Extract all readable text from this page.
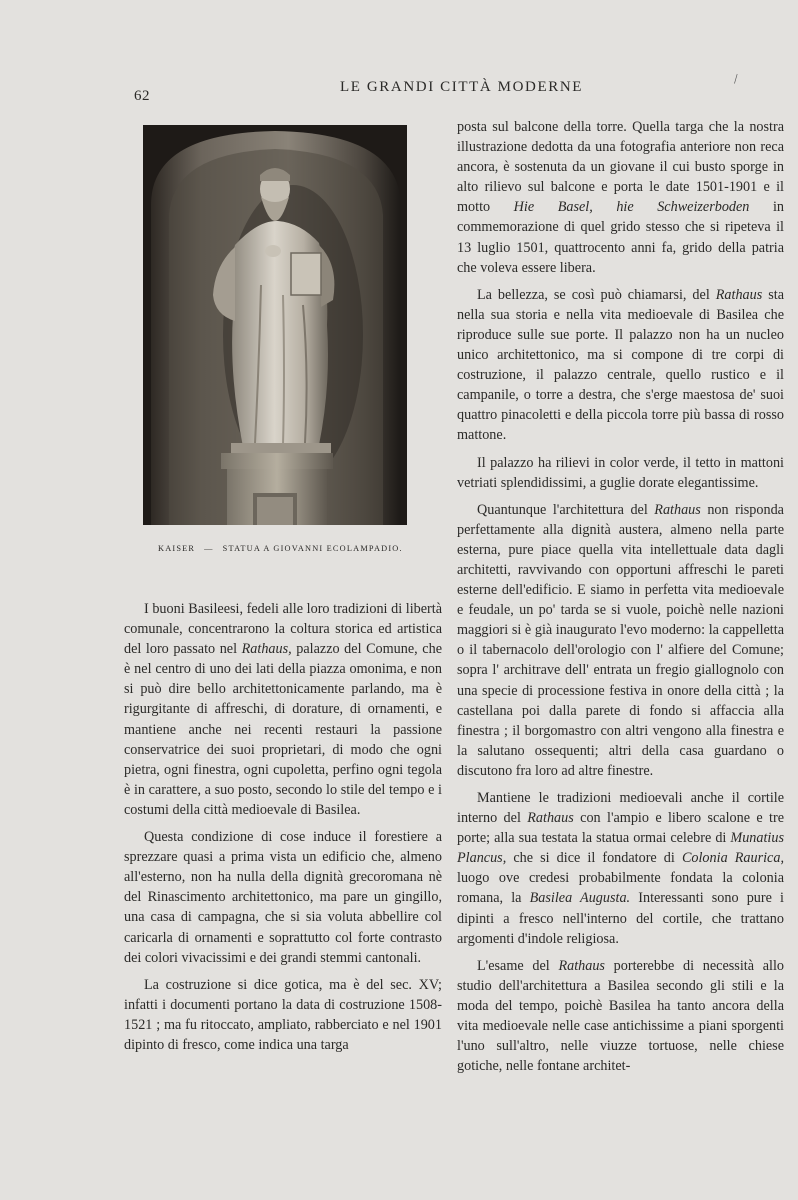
62
LE GRANDI CITTÀ MODERNE	\
KAISER — STATUA A GIOVANNI ECOLAMPADIO.

I buoni Basileesi, fedeli alle loro tradizioni di libertà comunale, concentrarono la coltura storica ed artistica del loro passato nel Rathaus, palazzo del Comune, che è nel centro di uno dei lati della piazza omonima, e non si può dire bello architettonicamente parlando, ma è rigurgitante di affreschi, di dorature, di ornamenti, e mantiene anche nei recenti restauri la passione conservatrice dei suoi proprietari, di modo che ogni pietra, ogni finestra, ogni cupoletta, perfino ogni tegola è in carattere, a suo posto, secondo lo stile del tempo e i costumi della città medioevale di Basilea.

Questa condizione di cose induce il forestiere a sprezzare quasi a prima vista un edificio che, almeno all'esterno, non ha nulla della dignità grecoromana nè del Rinascimento architettonico, ma pare un gingillo, una casa di campagna, che si sia voluta abbellire col caricarla di ornamenti e soprattutto col forte contrasto dei colori vivacissimi e dei grandi stemmi cantonali.

La costruzione si dice gotica, ma è del sec. XV; infatti i documenti portano la data di costruzione 1508-1521 ; ma fu ritoccato, ampliato, rabberciato e nel 1901 dipinto di fresco, come indica una targa

posta sul balcone della torre. Quella targa che la nostra illustrazione dedotta da una fotografia anteriore non reca ancora, è sostenuta da un giovane il cui busto sporge in alto rilievo sul balcone e porta le date 1501-1901 e il motto Hie Basel, hie Schweizerboden in commemorazione di quel grido stesso che si ripeteva il 13 luglio 1501, quattrocento anni fa, grido della patria che voleva essere libera.

La bellezza, se così può chiamarsi, del Rathaus sta nella sua storia e nella vita medioevale di Basilea che riproduce sulle sue porte. Il palazzo non ha un nucleo unico architettonico, ma si compone di tre corpi di costruzione, il palazzo centrale, quello rustico e il campanile, o torre a destra, che s'erge maestosa de' suoi quattro pinacoletti e della piccola torre più bassa di rosso mattone.

Il palazzo ha rilievi in color verde, il tetto in mattoni vetriati splendidissimi, a guglie dorate elegantissime.

Quantunque l'architettura del Rathaus non risponda perfettamente alla dignità austera, almeno nella parte esterna, pure piace quella vita intellettuale data dagli architetti, ravvivando con opportuni affreschi le pareti esterne dell'edificio. E siamo in perfetta vita medioevale e feudale, un po' tarda se si vuole, poichè nelle nazioni maggiori si è già inaugurato l'evo moderno: la cappelletta o il tabernacolo dell'orologio con l' alfiere del Comune; sopra l' architrave dell' entrata un fregio giallognolo con una specie di processione festiva in onore della città ; la castellana poi dalla parete di fondo si affaccia alla finestra ; il borgomastro con altri vengono alla finestra e la salutano ossequenti; altri della casa guardano o discutono fra loro ad altre finestre.

Mantiene le tradizioni medioevali anche il cortile interno del Rathaus con l'ampio e libero scalone e tre porte; alla sua testata la statua ormai celebre di Munatius Plancus, che si dice il fondatore di Colonia Raurica, luogo ove credesi probabilmente fondata la colonia romana, la Basilea Augusta. Interessanti sono pure i dipinti a fresco nell'interno del cortile, che trattano argomenti d'indole religiosa.

L'esame del Rathaus porterebbe di necessità allo studio dell'architettura a Basilea secondo gli stili e la moda del tempo, poichè Basilea ha tanto ancora della vita medioevale nelle case antichissime a piani sporgenti l'uno sull'altro, nelle viuzze tortuose, nelle chiese gotiche, nelle fontane architet-
